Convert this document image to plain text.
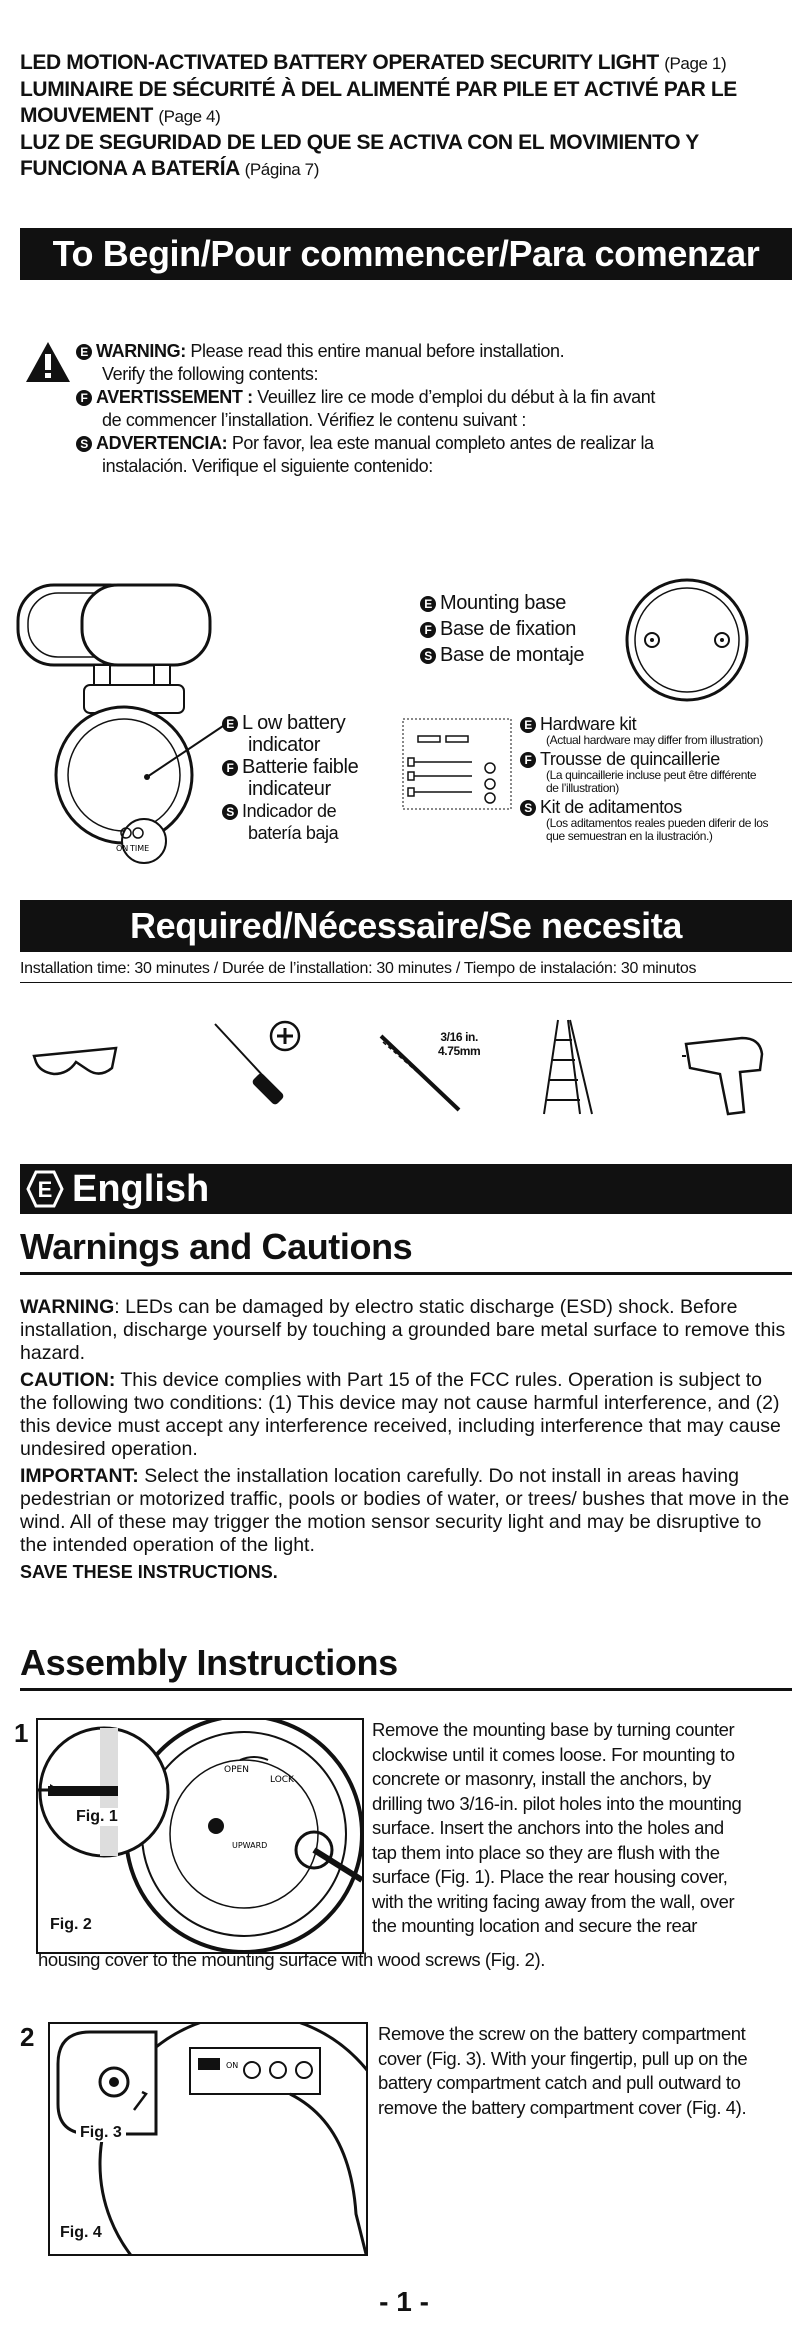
LED MOTION-ACTIVATED BATTERY OPERATED SECURITY LIGHT (Page 1)

LUMINAIRE DE SÉCURITÉ À DEL ALIMENTÉ PAR PILE ET ACTIVÉ PAR LE

MOUVEMENT (Page 4)

LUZ DE SEGURIDAD DE LED QUE SE ACTIVA CON EL MOVIMIENTO Y

FUNCIONA A BATERÍA (Página 7)

To Begin/Pour commencer/Para comenzar

E WARNING: Please read this entire manual before installation.

Verify the following contents:

F AVERTISSEMENT : Veuillez lire ce mode d’emploi du début à la fin avant

de commencer l’installation. Vérifiez le contenu suivant :

S ADVERTENCIA: Por favor, lea este manual completo antes de realizar la

instalación. Verifique el siguiente contenido:

ON TIME
E Mounting base
F Base de fixation
S Base de montaje
E L ow battery
indicator
F Batterie faible
indicateur
S Indicador de
batería baja
E Hardware kit
(Actual hardware may differ from illustration)
F Trousse de quincaillerie
(La quincaillerie incluse peut être différente
de l’illustration)
S Kit de aditamentos
(Los aditamentos reales pueden diferir de los
que semuestran en la ilustración.)
Required/Nécessaire/Se necesita
Installation time: 30 minutes / Durée de l’installation: 30 minutes / Tiempo de instalación: 30 minutos
3/16 in.
4.75mm
E English
Warnings and Cautions

WARNING: LEDs can be damaged by electro static discharge (ESD) shock. Before installation, discharge yourself by touching a grounded bare metal surface to remove this hazard.

CAUTION: This device complies with Part 15 of the FCC rules. Operation is subject to the following two conditions: (1) This device may not cause harmful interference, and (2) this device must accept any interference received, including interference that may cause undesired operation.

IMPORTANT: Select the installation location carefully. Do not install in areas having pedestrian or motorized traffic, pools or bodies of water, or trees/ bushes that move in the wind. All of these may trigger the motion sensor security light and may be disruptive to the intended operation of the light.

SAVE THESE INSTRUCTIONS.

Assembly Instructions
1
OPEN
LOCK
UPWARD
Fig. 1
Fig. 2
Remove the mounting base by turning counter
clockwise until it comes loose. For mounting to
concrete or masonry, install the anchors, by
drilling two 3/16-in. pilot holes into the mounting
surface. Insert the anchors into the holes and
tap them into place so they are flush with the
surface (Fig. 1). Place the rear housing cover,
with the writing facing away from the wall, over
the mounting location and secure the rear
housing cover to the mounting surface with wood screws (Fig. 2).
2
ON
Fig. 3
Fig. 4
Remove the screw on the battery compartment
cover (Fig. 3). With your fingertip, pull up on the
battery compartment catch and pull outward to
remove the battery compartment cover (Fig. 4).
- 1 -
